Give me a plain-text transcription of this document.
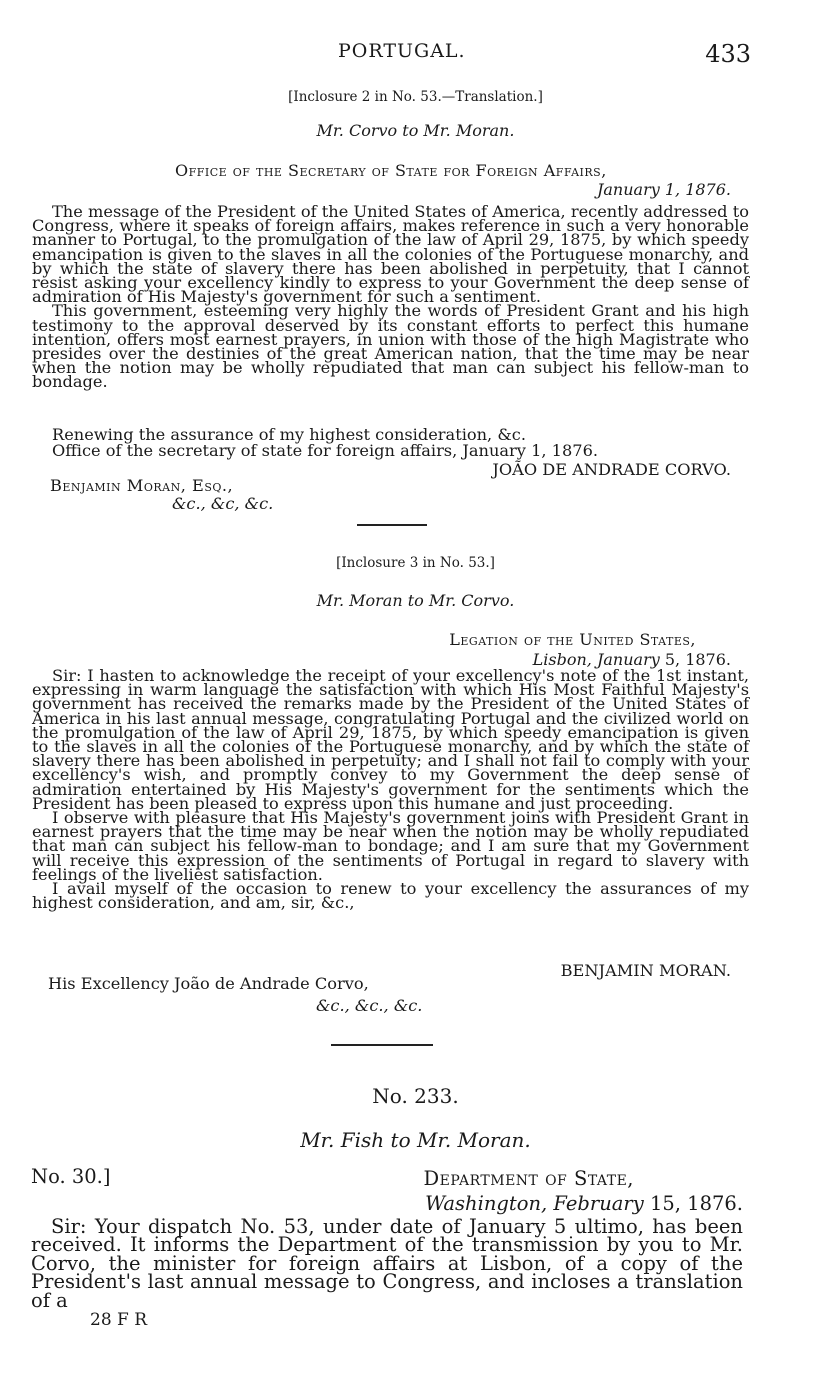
PORTUGAL.	433
[Inclosure 2 in No. 53.—Translation.]
Mr. Corvo to Mr. Moran.
Office of the Secretary of State for Foreign Affairs,
January 1, 1876.

The message of the President of the United States of America, recently addressed to Congress, where it speaks of foreign affairs, makes reference in such a very honorable manner to Portugal, to the promulgation of the law of April 29, 1875, by which speedy emancipation is given to the slaves in all the colonies of the Portuguese monarchy, and by which the state of slavery there has been abolished in perpetuity, that I cannot resist asking your excellency kindly to express to your Government the deep sense of admiration of His Majesty's government for such a sentiment.

This government, esteeming very highly the words of President Grant and his high testimony to the approval deserved by its constant efforts to perfect this humane intention, offers most earnest prayers, in union with those of the high Magistrate who presides over the destinies of the great American nation, that the time may be near when the notion may be wholly repudiated that man can subject his fellow-man to bondage.

Renewing the assurance of my highest consideration, &c.
Office of the secretary of state for foreign affairs, January 1, 1876.
JOÃO DE ANDRADE CORVO.
Benjamin Moran, Esq.,
&c., &c, &c.
[Inclosure 3 in No. 53.]
Mr. Moran to Mr. Corvo.
Legation of the United States,
Lisbon, January 5, 1876.

Sir: I hasten to acknowledge the receipt of your excellency's note of the 1st instant, expressing in warm language the satisfaction with which His Most Faithful Majesty's government has received the remarks made by the President of the United States of America in his last annual message, congratulating Portugal and the civilized world on the promulgation of the law of April 29, 1875, by which speedy emancipation is given to the slaves in all the colonies of the Portuguese monarchy, and by which the state of slavery there has been abolished in perpetuity; and I shall not fail to comply with your excellency's wish, and promptly convey to my Government the deep sense of admiration entertained by His Majesty's government for the sentiments which the President has been pleased to express upon this humane and just proceeding.

I observe with pleasure that His Majesty's government joins with President Grant in earnest prayers that the time may be near when the notion may be wholly repudiated that man can subject his fellow-man to bondage; and I am sure that my Government will receive this expression of the sentiments of Portugal in regard to slavery with feelings of the liveliest satisfaction.

I avail myself of the occasion to renew to your excellency the assurances of my highest consideration, and am, sir, &c.,

BENJAMIN MORAN.
His Excellency João de Andrade Corvo,
&c., &c., &c.
No. 233.
Mr. Fish to Mr. Moran.
No. 30.]	Department of State,
Washington, February 15, 1876.
Sir: Your dispatch No. 53, under date of January 5 ultimo, has been received. It informs the Department of the transmission by you to Mr. Corvo, the minister for foreign affairs at Lisbon, of a copy of the President's last annual message to Congress, and incloses a translation of a
28 F R
